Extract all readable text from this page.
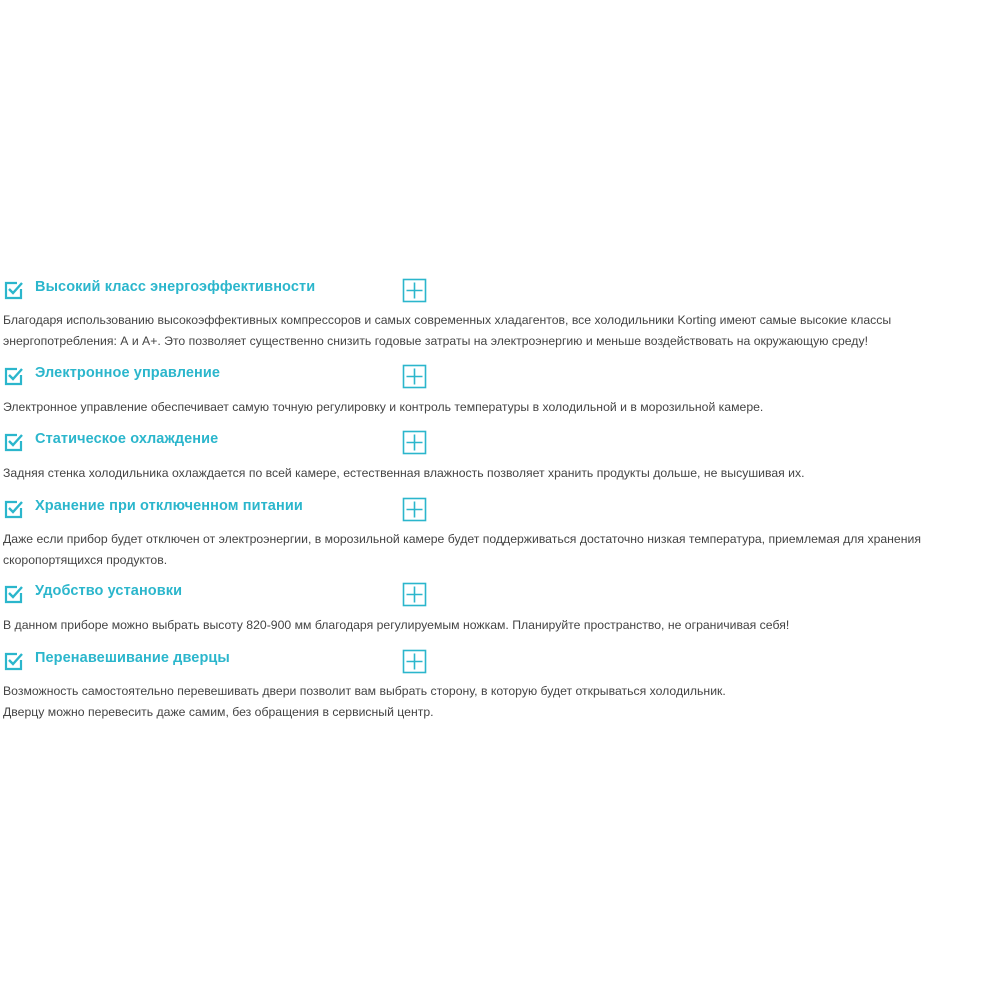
Высокий класс энергоэффективности
Благодаря использованию высокоэффективных компрессоров и самых современных хладагентов, все холодильники Korting имеют самые высокие классы
энергопотребления: А и А+. Это позволяет существенно снизить годовые затраты на электроэнергию и меньше воздействовать на окружающую среду!
Электронное управление
Электронное управление обеспечивает самую точную регулировку и контроль температуры в холодильной и в морозильной камере.
Статическое охлаждение
Задняя стенка холодильника охлаждается по всей камере, естественная влажность позволяет хранить продукты дольше, не высушивая их.
Хранение при отключенном питании
Даже если прибор будет отключен от электроэнергии, в морозильной камере будет поддерживаться достаточно низкая температура, приемлемая для хранения
скоропортящихся продуктов.
Удобство установки
В данном приборе можно выбрать высоту 820-900 мм благодаря регулируемым ножкам. Планируйте пространство, не ограничивая себя!
Перенавешивание дверцы
Возможность самостоятельно перевешивать двери позволит вам выбрать сторону, в которую будет открываться холодильник.
Дверцу можно перевесить даже самим, без обращения в сервисный центр.
